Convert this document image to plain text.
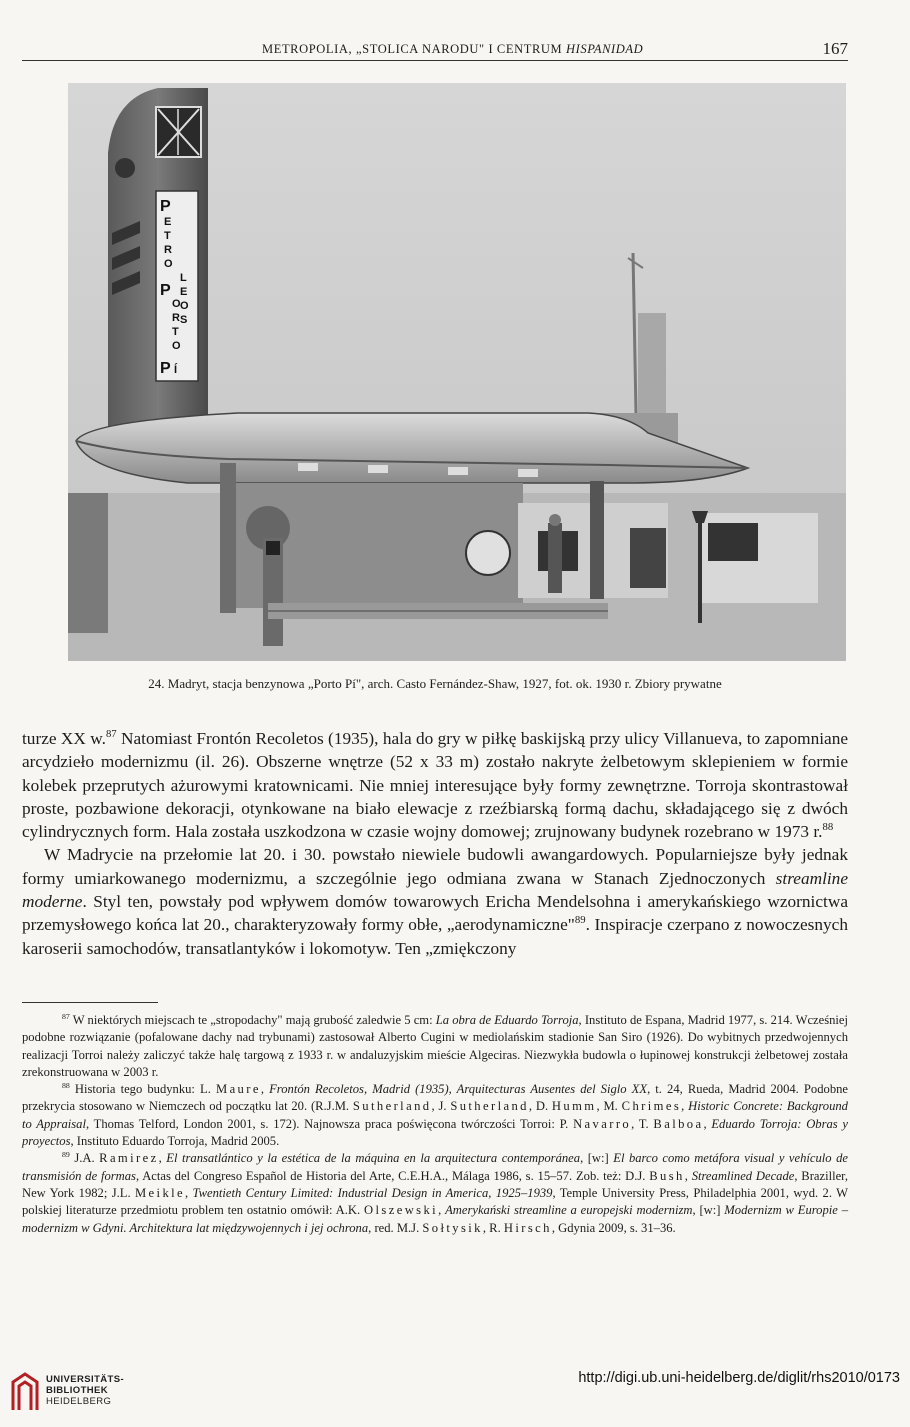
METROPOLIA, „STOLICA NARODU" I CENTRUM HISPANIDAD	167
P
E
T
R
O
L
E
O
S
P
O
R
T
O
P Í
24. Madryt, stacja benzynowa „Porto Pí", arch. Casto Fernández-Shaw, 1927, fot. ok. 1930 r. Zbiory prywatne

turze XX w.$^{87}$ Natomiast Frontón Recoletos (1935), hala do gry w piłkę baskijską przy ulicy Villanueva, to zapomniane arcydzieło modernizmu (il. 26). Obszerne wnętrze (52 x 33 m) zostało nakryte żelbetowym sklepieniem w formie kolebek przeprutych ażurowymi kratownicami. Nie mniej interesujące były formy zewnętrzne. Torroja skontrastował proste, pozbawione dekoracji, otynkowane na biało elewacje z rzeźbiarską formą dachu, składającego się z dwóch cylindrycznych form. Hala została uszkodzona w czasie wojny domowej; zrujnowany budynek rozebrano w 1973 r.$^{88}$

W Madrycie na przełomie lat 20. i 30. powstało niewiele budowli awangardowych. Popularniejsze były jednak formy umiarkowanego modernizmu, a szczególnie jego odmiana zwana w Stanach Zjednoczonych streamline moderne. Styl ten, powstały pod wpływem domów towarowych Ericha Mendelsohna i amerykańskiego wzornictwa przemysłowego końca lat 20., charakteryzowały formy obłe, „aerodynamiczne"$^{89}$. Inspiracje czerpano z nowoczesnych karoserii samochodów, transatlantyków i lokomotyw. Ten „zmiękczony

$^{87}$ W niektórych miejscach te „stropodachy" mają grubość zaledwie 5 cm: La obra de Eduardo Torroja, Instituto de Espana, Madrid 1977, s. 214. Wcześniej podobne rozwiązanie (pofalowane dachy nad trybunami) zastosował Alberto Cugini w mediolańskim stadionie San Siro (1926). Do wybitnych przedwojennych realizacji Torroi należy zaliczyć także halę targową z 1933 r. w andaluzyjskim mieście Algeciras. Niezwykła budowla o łupinowej konstrukcji żelbetowej została zrekonstruowana w 2003 r.

$^{88}$ Historia tego budynku: L. Maure, Frontón Recoletos, Madrid (1935), Arquitecturas Ausentes del Siglo XX, t. 24, Rueda, Madrid 2004. Podobne przekrycia stosowano w Niemczech od początku lat 20. (R.J.M. Sutherland, J. Sutherland, D. Humm, M. Chrimes, Historic Concrete: Background to Appraisal, Thomas Telford, London 2001, s. 172). Najnowsza praca poświęcona twórczości Torroi: P. Navarro, T. Balboa, Eduardo Torroja: Obras y proyectos, Instituto Eduardo Torroja, Madrid 2005.

$^{89}$ J.A. Ramirez, El transatlántico y la estética de la máquina en la arquitectura contemporánea, [w:] El barco como metáfora visual y vehículo de transmisión de formas, Actas del Congreso Español de Historia del Arte, C.E.H.A., Málaga 1986, s. 15–57. Zob. też: D.J. Bush, Streamlined Decade, Braziller, New York 1982; J.L. Meikle, Twentieth Century Limited: Industrial Design in America, 1925–1939, Temple University Press, Philadelphia 2001, wyd. 2. W polskiej literaturze przedmiotu problem ten ostatnio omówił: A.K. Olszewski, Amerykański streamline a europejski modernizm, [w:] Modernizm w Europie – modernizm w Gdyni. Architektura lat międzywojennych i jej ochrona, red. M.J. Sołtysik, R. Hirsch, Gdynia 2009, s. 31–36.

UNIVERSITÄTS-
BIBLIOTHEK
HEIDELBERG
http://digi.ub.uni-heidelberg.de/diglit/rhs2010/0173
